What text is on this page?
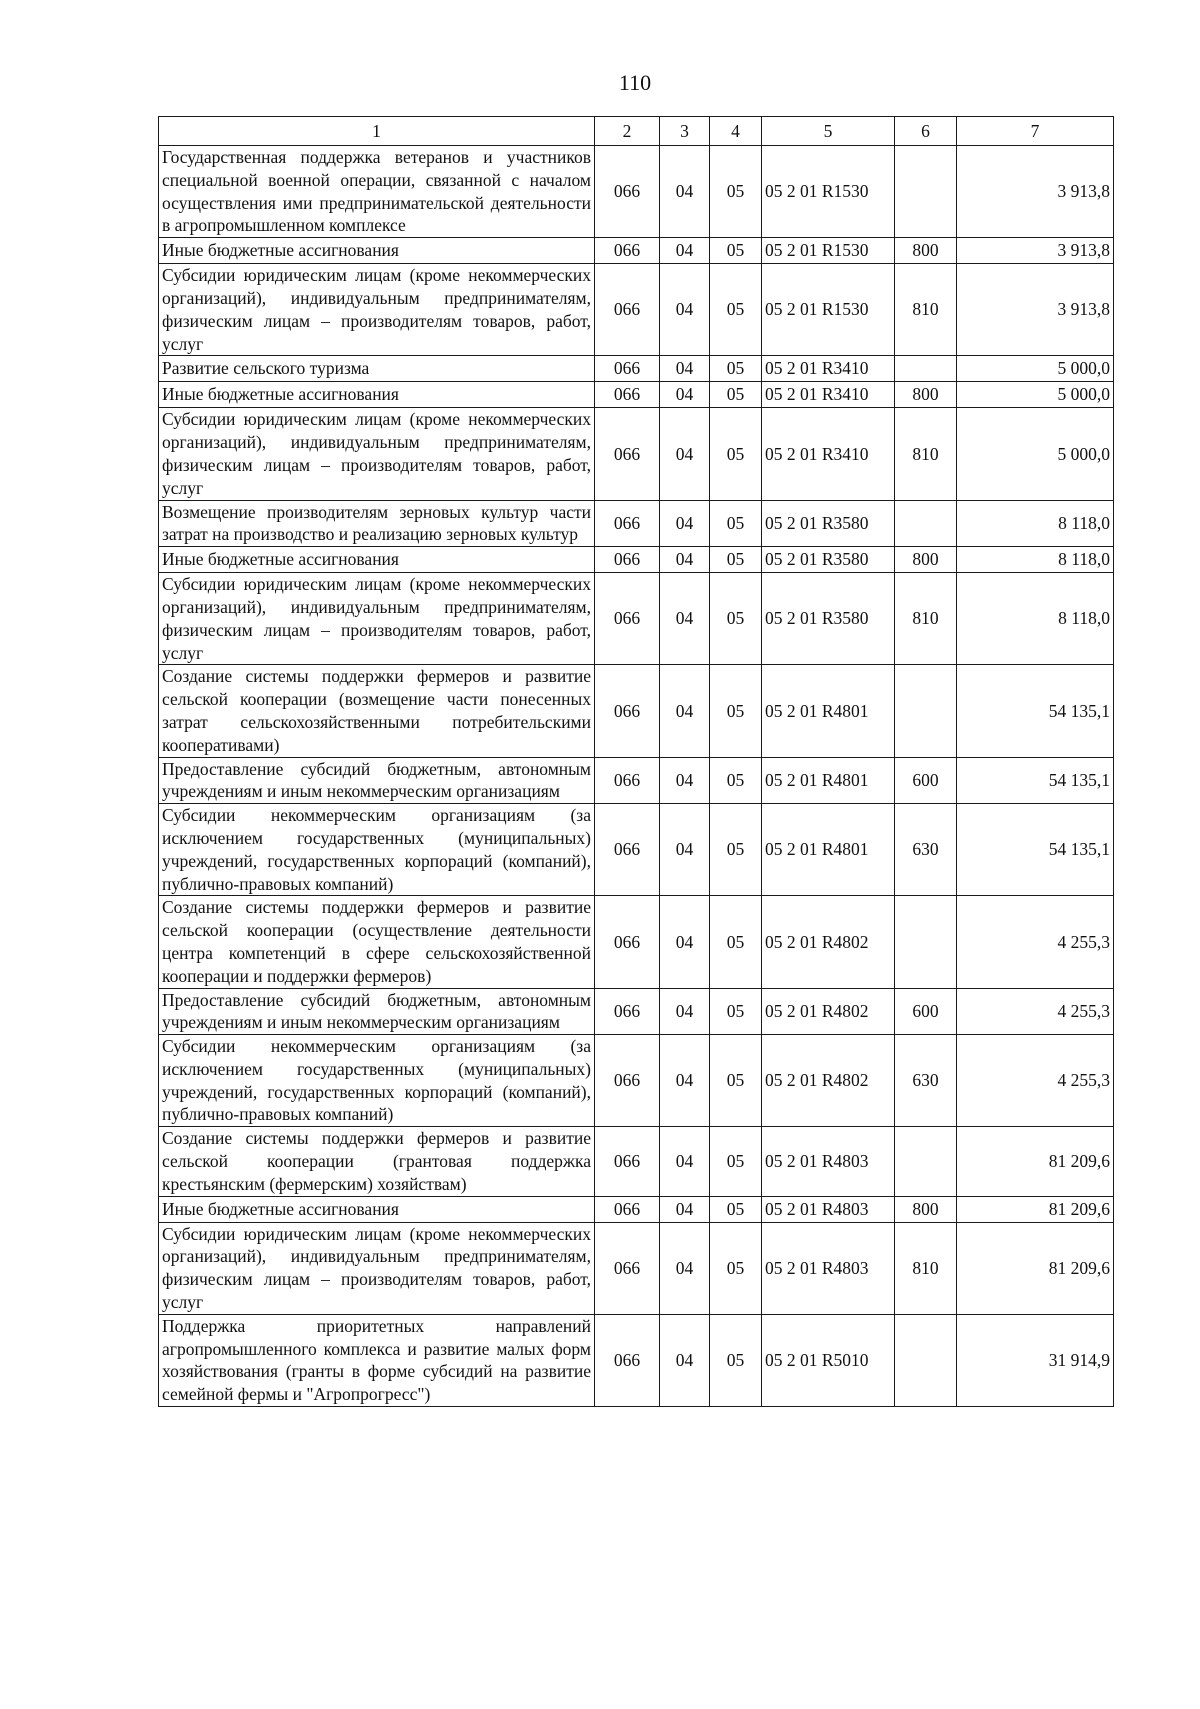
110
1	2	3	4	5	6	7
Государственная поддержка ветеранов и участников специальной военной операции, связанной с началом осуществления ими предпринимательской деятельности в агропромышленном комплексе	066	04	05	05 2 01 R1530		3 913,8
Иные бюджетные ассигнования	066	04	05	05 2 01 R1530	800	3 913,8
Субсидии юридическим лицам (кроме некоммерческих организаций), индивидуальным предпринимателям, физическим лицам – производителям товаров, работ, услуг	066	04	05	05 2 01 R1530	810	3 913,8
Развитие сельского туризма	066	04	05	05 2 01 R3410		5 000,0
Иные бюджетные ассигнования	066	04	05	05 2 01 R3410	800	5 000,0
Субсидии юридическим лицам (кроме некоммерческих организаций), индивидуальным предпринимателям, физическим лицам – производителям товаров, работ, услуг	066	04	05	05 2 01 R3410	810	5 000,0
Возмещение производителям зерновых культур части затрат на производство и реализацию зерновых культур	066	04	05	05 2 01 R3580		8 118,0
Иные бюджетные ассигнования	066	04	05	05 2 01 R3580	800	8 118,0
Субсидии юридическим лицам (кроме некоммерческих организаций), индивидуальным предпринимателям, физическим лицам – производителям товаров, работ, услуг	066	04	05	05 2 01 R3580	810	8 118,0
Создание системы поддержки фермеров и развитие сельской кооперации (возмещение части понесенных затрат сельскохозяйственными потребительскими кооперативами)	066	04	05	05 2 01 R4801		54 135,1
Предоставление субсидий бюджетным, автономным учреждениям и иным некоммерческим организациям	066	04	05	05 2 01 R4801	600	54 135,1
Субсидии некоммерческим организациям (за исключением государственных (муниципальных) учреждений, государственных корпораций (компаний), публично-правовых компаний)	066	04	05	05 2 01 R4801	630	54 135,1
Создание системы поддержки фермеров и развитие сельской кооперации (осуществление деятельности центра компетенций в сфере сельскохозяйственной кооперации и поддержки фермеров)	066	04	05	05 2 01 R4802		4 255,3
Предоставление субсидий бюджетным, автономным учреждениям и иным некоммерческим организациям	066	04	05	05 2 01 R4802	600	4 255,3
Субсидии некоммерческим организациям (за исключением государственных (муниципальных) учреждений, государственных корпораций (компаний), публично-правовых компаний)	066	04	05	05 2 01 R4802	630	4 255,3
Создание системы поддержки фермеров и развитие сельской кооперации (грантовая поддержка крестьянским (фермерским) хозяйствам)	066	04	05	05 2 01 R4803		81 209,6
Иные бюджетные ассигнования	066	04	05	05 2 01 R4803	800	81 209,6
Субсидии юридическим лицам (кроме некоммерческих организаций), индивидуальным предпринимателям, физическим лицам – производителям товаров, работ, услуг	066	04	05	05 2 01 R4803	810	81 209,6
Поддержка приоритетных направлений агропромышленного комплекса и развитие малых форм хозяйствования (гранты в форме субсидий на развитие семейной фермы и "Агропрогресс")	066	04	05	05 2 01 R5010		31 914,9
